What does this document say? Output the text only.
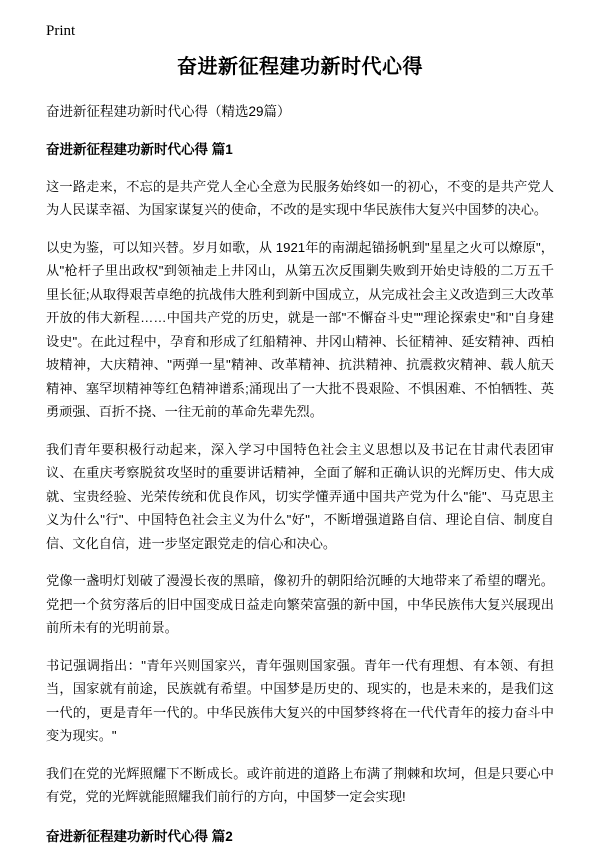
Print
奋进新征程建功新时代心得
奋进新征程建功新时代心得（精选29篇）
奋进新征程建功新时代心得 篇1

这一路走来，不忘的是共产党人全心全意为民服务始终如一的初心，不变的是共产党人为人民谋幸福、为国家谋复兴的使命，不改的是实现中华民族伟大复兴中国梦的决心。

以史为鉴，可以知兴替。岁月如歌，从 1921年的南湖起锚扬帆到"星星之火可以燎原"，从"枪杆子里出政权"到领袖走上井冈山，从第五次反围剿失败到开始史诗般的二万五千里长征;从取得艰苦卓绝的抗战伟大胜利到新中国成立，从完成社会主义改造到三大改革开放的伟大新程……中国共产党的历史，就是一部"不懈奋斗史""理论探索史"和"自身建设史"。在此过程中，孕育和形成了红船精神、井冈山精神、长征精神、延安精神、西柏坡精神，大庆精神、"两弹一星"精神、改革精神、抗洪精神、抗震救灾精神、载人航天精神、塞罕坝精神等红色精神谱系;涌现出了一大批不畏艰险、不惧困难、不怕牺牲、英勇顽强、百折不挠、一往无前的革命先辈先烈。

我们青年要积极行动起来，深入学习中国特色社会主义思想以及书记在甘肃代表团审议、在重庆考察脱贫攻坚时的重要讲话精神，全面了解和正确认识的光辉历史、伟大成就、宝贵经验、光荣传统和优良作风，切实学懂弄通中国共产党为什么"能"、马克思主义为什么"行"、中国特色社会主义为什么"好"，不断增强道路自信、理论自信、制度自信、文化自信，进一步坚定跟党走的信心和决心。

党像一盏明灯划破了漫漫长夜的黑暗，像初升的朝阳给沉睡的大地带来了希望的曙光。党把一个贫穷落后的旧中国变成日益走向繁荣富强的新中国，中华民族伟大复兴展现出前所未有的光明前景。

书记强调指出："青年兴则国家兴，青年强则国家强。青年一代有理想、有本领、有担当，国家就有前途，民族就有希望。中国梦是历史的、现实的，也是未来的，是我们这一代的，更是青年一代的。中华民族伟大复兴的中国梦终将在一代代青年的接力奋斗中变为现实。"

我们在党的光辉照耀下不断成长。或许前进的道路上布满了荆棘和坎坷，但是只要心中有党，党的光辉就能照耀我们前行的方向，中国梦一定会实现!

奋进新征程建功新时代心得 篇2
